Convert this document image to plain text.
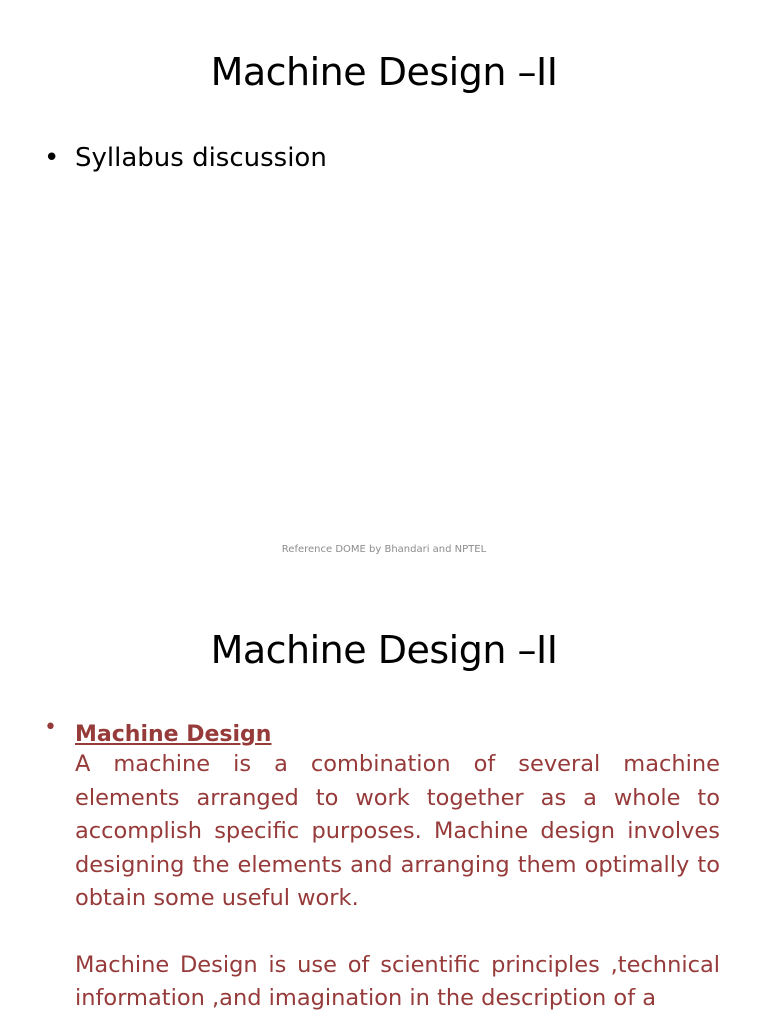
Machine Design –II
• Syllabus discussion
Reference DOME by Bhandari and NPTEL
Machine Design –II
• Machine Design

A machine is a combination of several machine elements arranged to work together as a whole to accomplish specific purposes. Machine design involves designing the elements and arranging them optimally to obtain some useful work.

Machine Design is use of scientific principles ,technical information ,and imagination in the description of a
